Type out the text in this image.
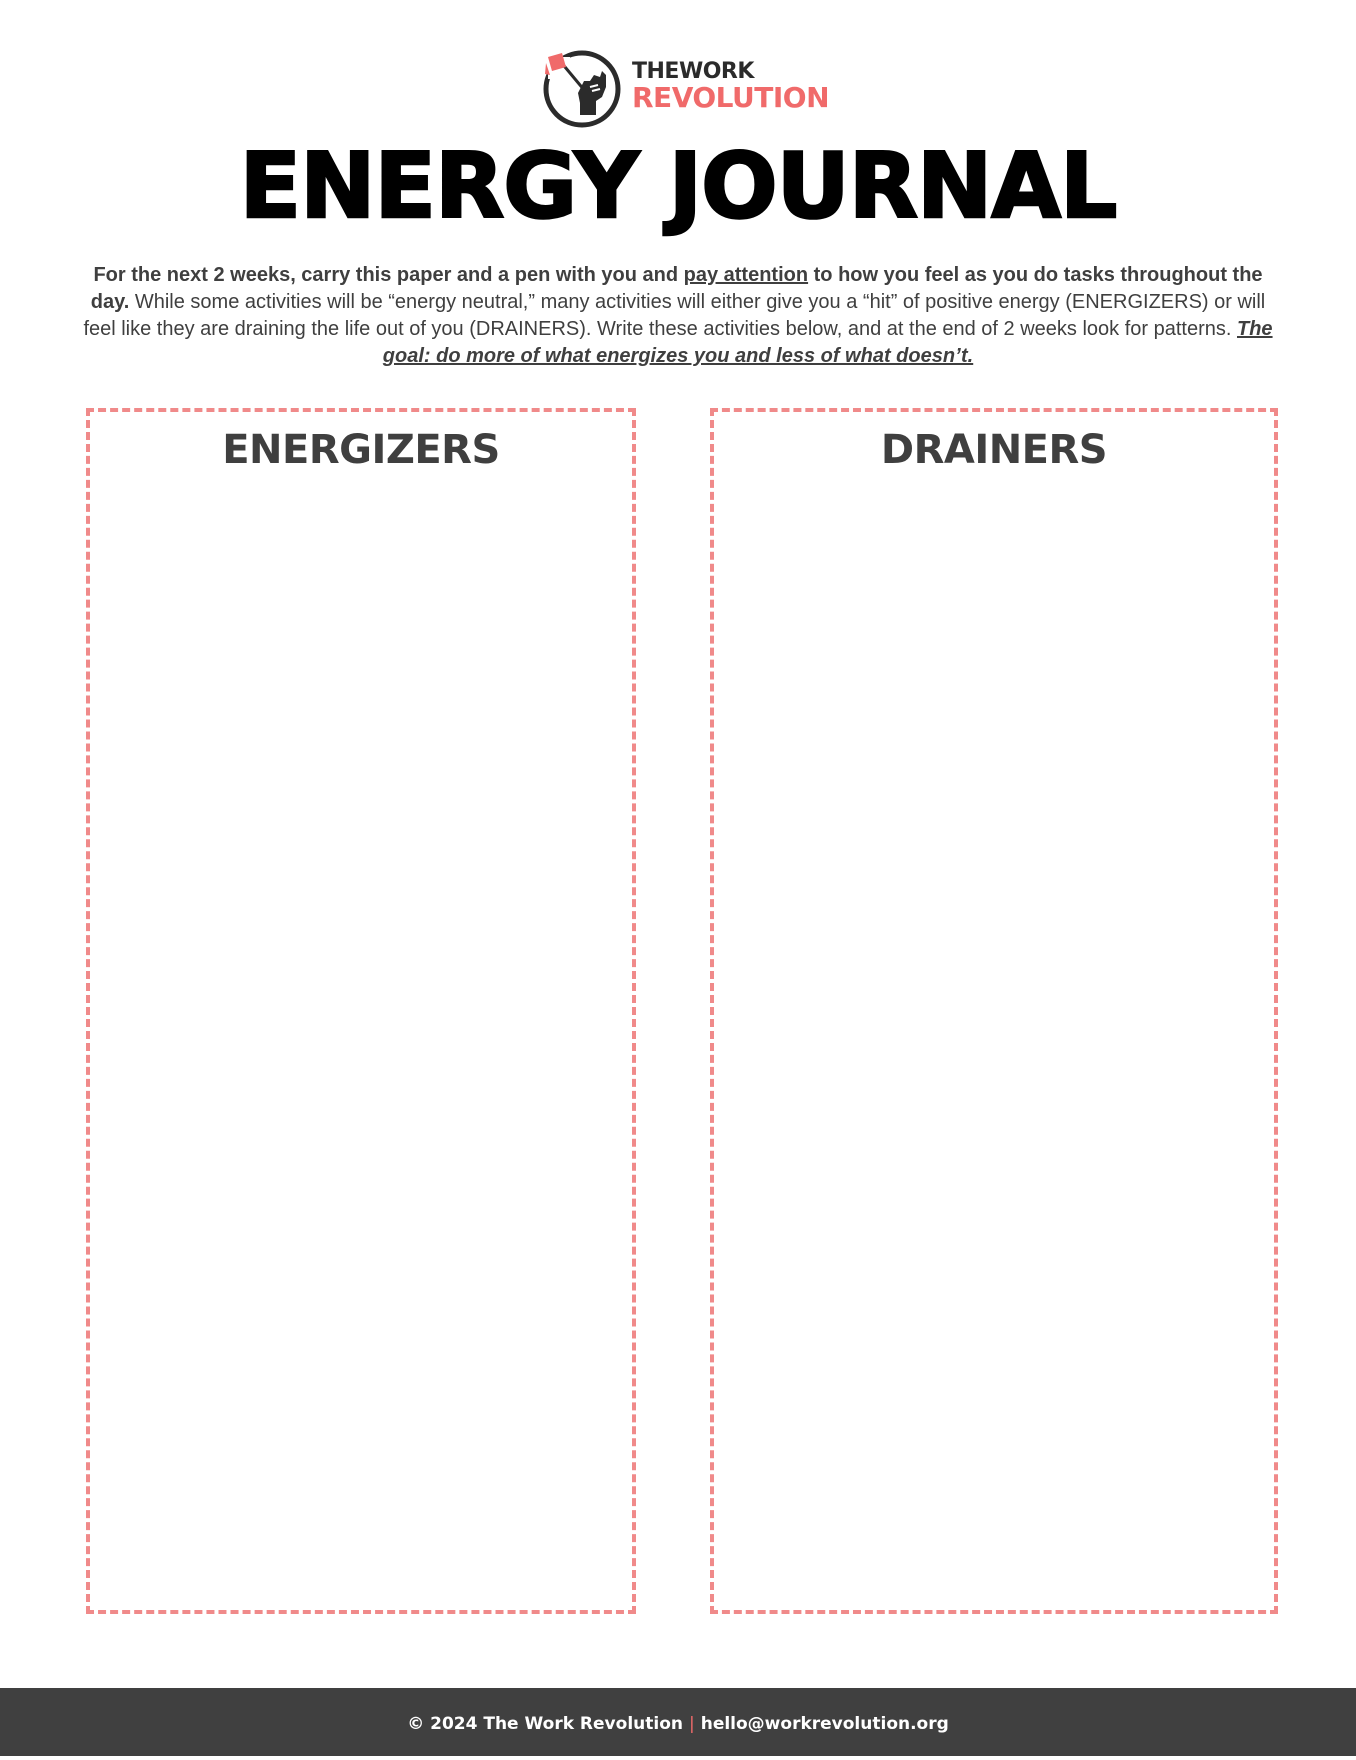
THEWORK
REVOLUTION
ENERGY JOURNAL

For the next 2 weeks, carry this paper and a pen with you and pay attention to how you feel as you do tasks throughout the day. While some activities will be “energy neutral,” many activities will either give you a “hit” of positive energy (ENERGIZERS) or will feel like they are draining the life out of you (DRAINERS). Write these activities below, and at the end of 2 weeks look for patterns. The goal: do more of what energizes you and less of what doesn’t.

ENERGIZERS	DRAINERS
© 2024 The Work Revolution | hello@workrevolution.org
